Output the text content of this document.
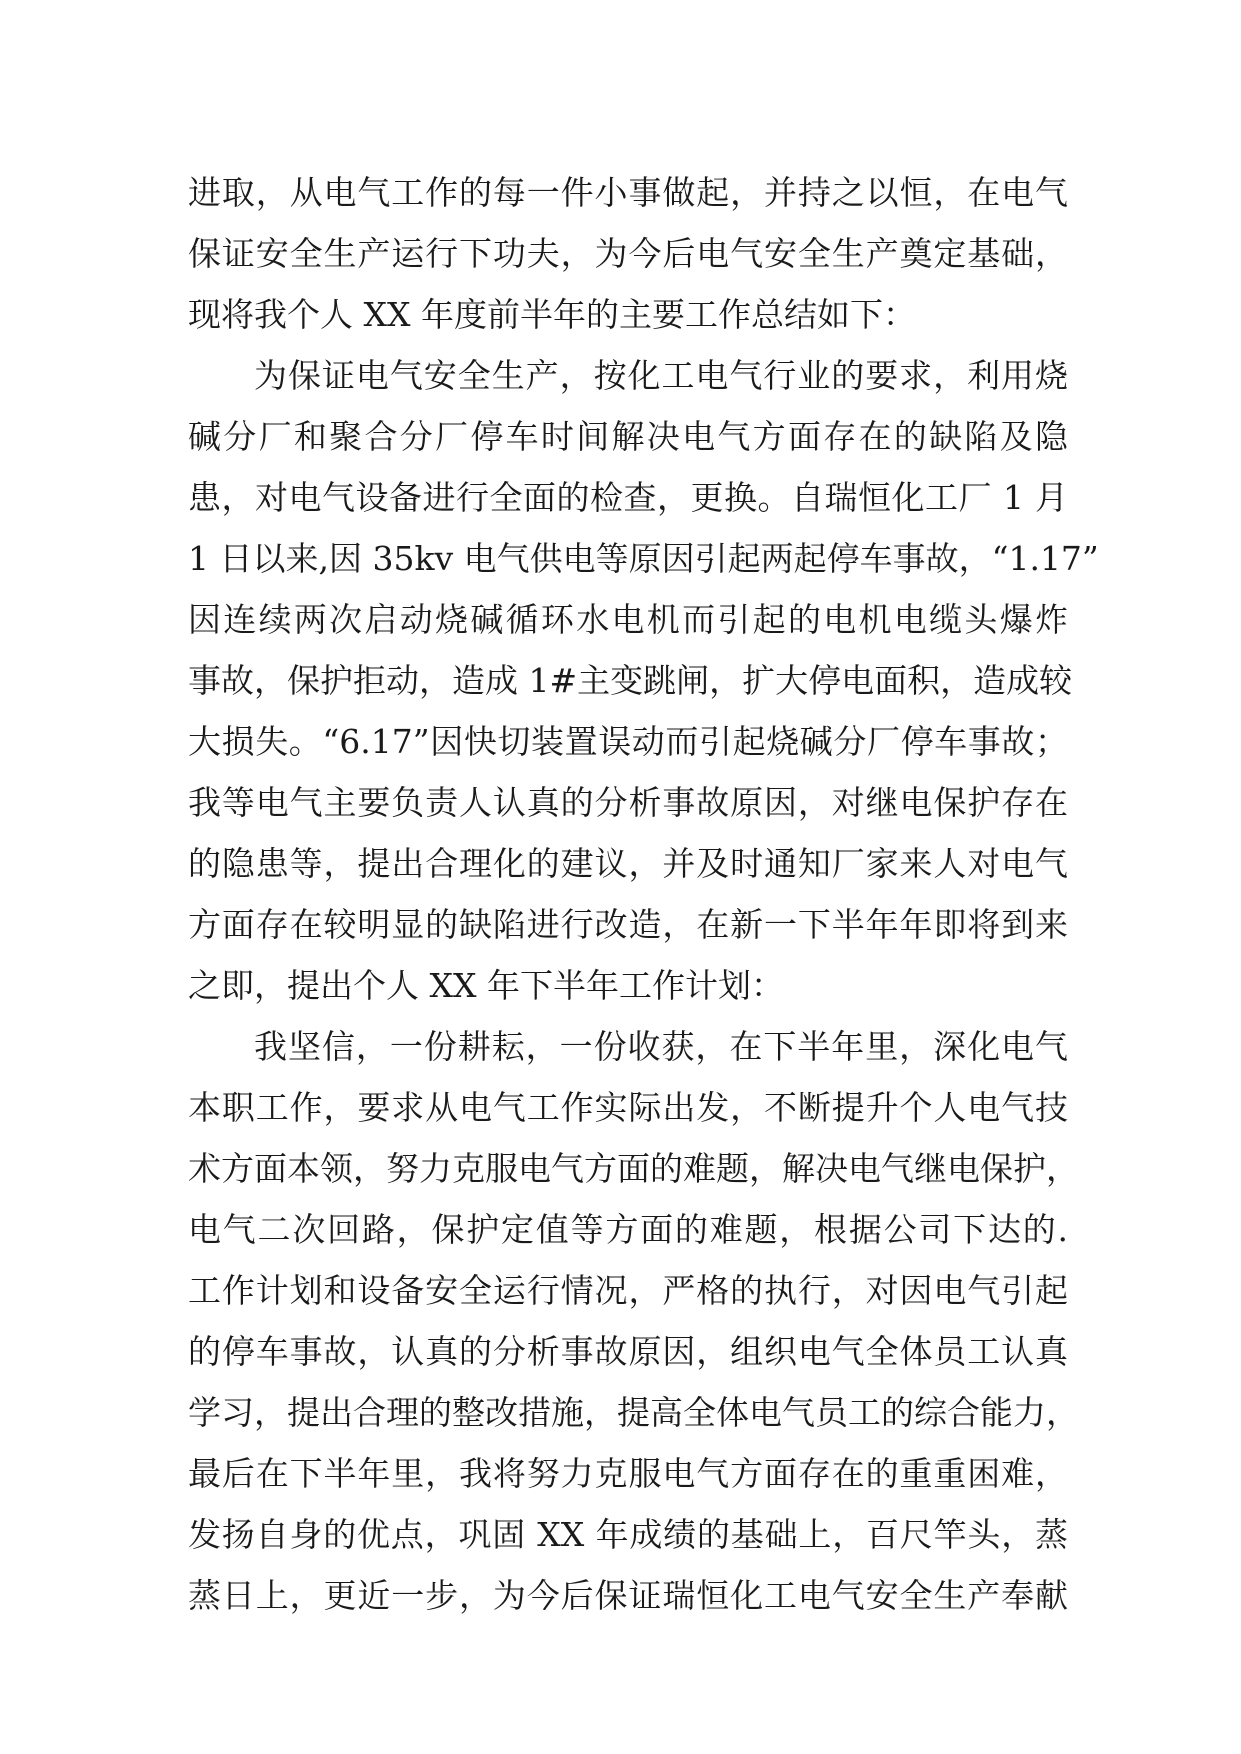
进取，从电气工作的每一件小事做起，并持之以恒，在电气
保证安全生产运行下功夫，为今后电气安全生产奠定基础，
现将我个人 XX 年度前半年的主要工作总结如下：
为保证电气安全生产，按化工电气行业的要求，利用烧
碱分厂和聚合分厂停车时间解决电气方面存在的缺陷及隐
患，对电气设备进行全面的检查，更换。自瑞恒化工厂 1 月
1 日以来,因 35kv 电气供电等原因引起两起停车事故，“1.17”
因连续两次启动烧碱循环水电机而引起的电机电缆头爆炸
事故，保护拒动，造成 1#主变跳闸，扩大停电面积，造成较
大损失。“6.17”因快切装置误动而引起烧碱分厂停车事故；
我等电气主要负责人认真的分析事故原因，对继电保护存在
的隐患等，提出合理化的建议，并及时通知厂家来人对电气
方面存在较明显的缺陷进行改造，在新一下半年年即将到来
之即，提出个人 XX 年下半年工作计划：
我坚信，一份耕耘，一份收获，在下半年里，深化电气
本职工作，要求从电气工作实际出发，不断提升个人电气技
术方面本领，努力克服电气方面的难题，解决电气继电保护，
电气二次回路，保护定值等方面的难题，根据公司下达的.
工作计划和设备安全运行情况，严格的执行，对因电气引起
的停车事故，认真的分析事故原因，组织电气全体员工认真
学习，提出合理的整改措施，提高全体电气员工的综合能力，
最后在下半年里，我将努力克服电气方面存在的重重困难，
发扬自身的优点，巩固 XX 年成绩的基础上，百尺竿头，蒸
蒸日上，更近一步，为今后保证瑞恒化工电气安全生产奉献
